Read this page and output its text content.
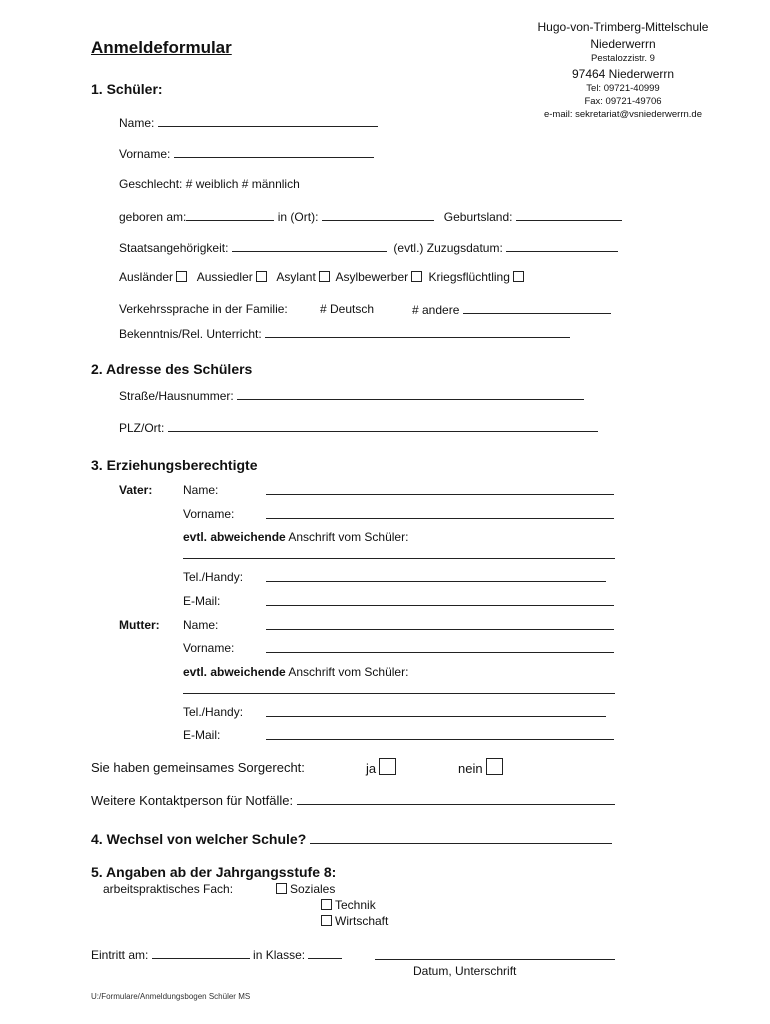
Hugo-von-Trimberg-Mittelschule
Niederwerrn
Pestalozzistr. 9
97464 Niederwerrn
Tel: 09721-40999
Fax: 09721-49706
e-mail: sekretariat@vsniederwerrn.de
Anmeldeformular
1. Schüler:
Name:
Vorname:
Geschlecht: # weiblich # männlich
geboren am:	in (Ort):	Geburtsland:
Staatsangehörigkeit:	(evtl.) Zuzugsdatum:
Ausländer Aussiedler Asylant Asylbewerber Kriegsflüchtling
Verkehrssprache in der Familie:	# Deutsch	# andere
Bekenntnis/Rel. Unterricht:
2. Adresse des Schülers
Straße/Hausnummer:
PLZ/Ort:
3. Erziehungsberechtigte
Vater:	Name:
Vorname:
evtl. abweichende Anschrift vom Schüler:
Tel./Handy:
E-Mail:
Mutter: Name:
Vorname:
evtl. abweichende Anschrift vom Schüler:
Tel./Handy:
E-Mail:
Sie haben gemeinsames Sorgerecht:	ja	nein
Weitere Kontaktperson für Notfälle:
4. Wechsel von welcher Schule?
5. Angaben ab der Jahrgangsstufe 8:
arbeitspraktisches Fach:	Soziales
Technik
Wirtschaft
Eintritt am:	in Klasse:
Datum, Unterschrift
U:/Formulare/Anmeldungsbogen Schüler MS
